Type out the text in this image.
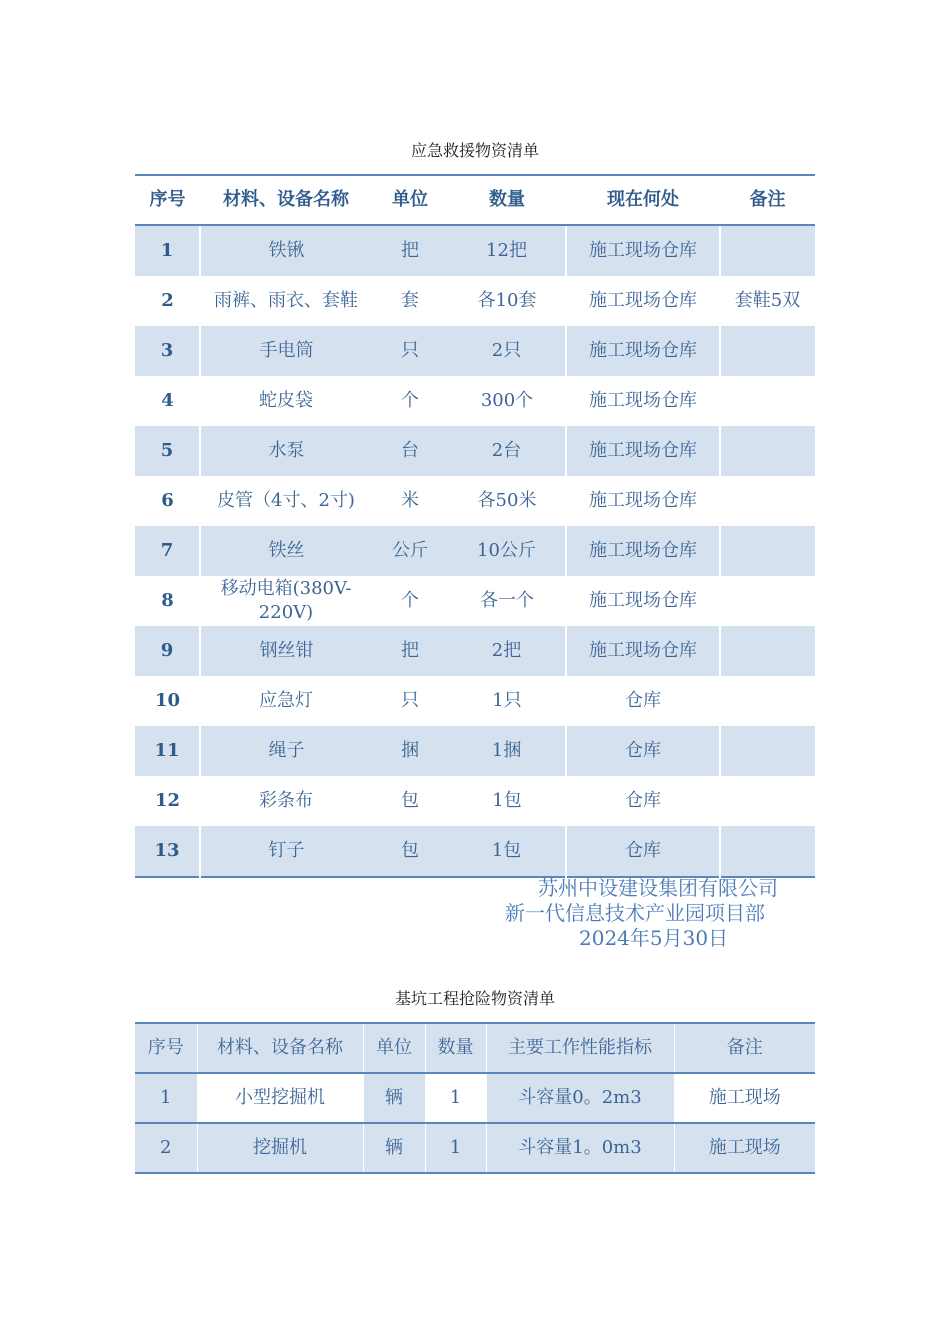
应急救援物资清单
序号	材料、设备名称	单位	数量	现在何处	备注
1	铁锹	把	12把	施工现场仓库	
2	雨裤、雨衣、套鞋	套	各10套	施工现场仓库	套鞋5双
3	手电筒	只	2只	施工现场仓库	
4	蛇皮袋	个	300个	施工现场仓库	
5	水泵	台	2台	施工现场仓库	
6	皮管（4寸、2寸)	米	各50米	施工现场仓库	
7	铁丝	公斤	10公斤	施工现场仓库	
8	移动电箱(380V-220V)	个	各一个	施工现场仓库	
9	钢丝钳	把	2把	施工现场仓库	
10	应急灯	只	1只	仓库	
11	绳子	捆	1捆	仓库	
12	彩条布	包	1包	仓库	
13	钉子	包	1包	仓库	
苏州中设建设集团有限公司
新一代信息技术产业园项目部
2024年5月30日
基坑工程抢险物资清单
序号	材料、设备名称	单位	数量	主要工作性能指标	备注
1	小型挖掘机	辆	1	斗容量0。2m3	施工现场
2	挖掘机	辆	1	斗容量1。0m3	施工现场
